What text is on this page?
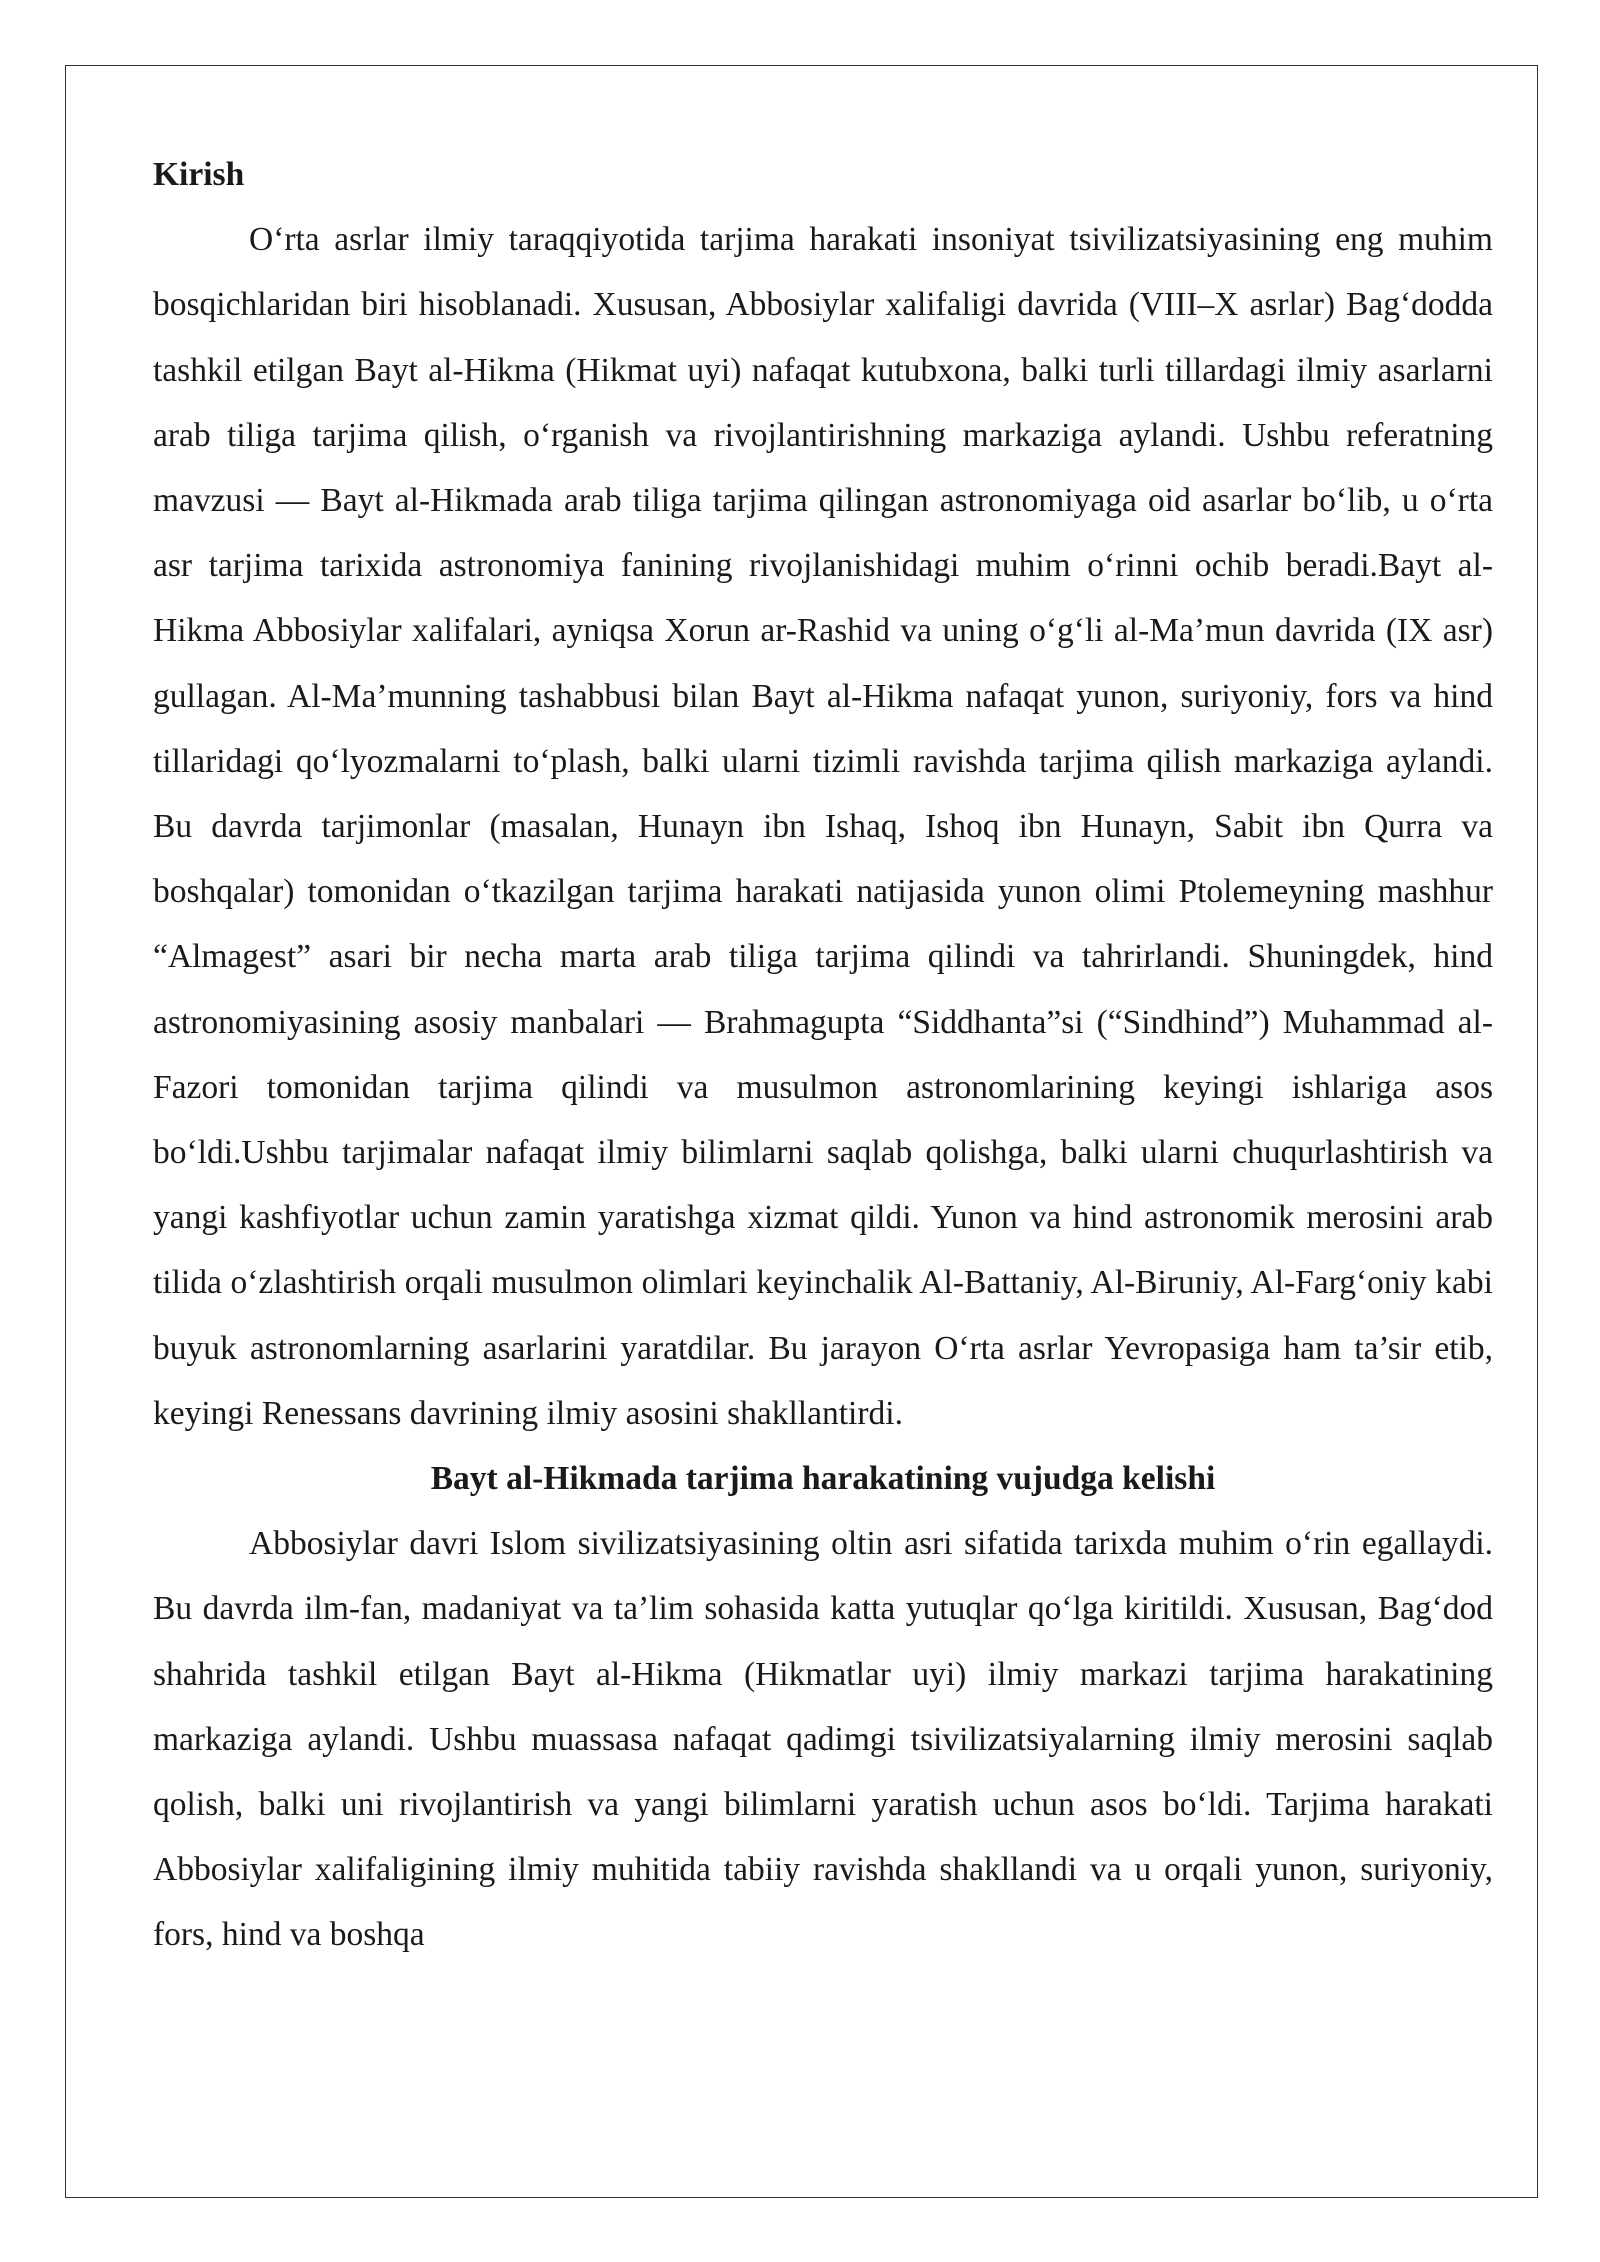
Kirish

O‘rta asrlar ilmiy taraqqiyotida tarjima harakati insoniyat tsivilizatsiyasining eng muhim bosqichlaridan biri hisoblanadi. Xususan, Abbosiylar xalifaligi davrida (VIII–X asrlar) Bag‘dodda tashkil etilgan Bayt al-Hikma (Hikmat uyi) nafaqat kutubxona, balki turli tillardagi ilmiy asarlarni arab tiliga tarjima qilish, o‘rganish va rivojlantirishning markaziga aylandi. Ushbu referatning mavzusi — Bayt al-Hikmada arab tiliga tarjima qilingan astronomiyaga oid asarlar bo‘lib, u o‘rta asr tarjima tarixida astronomiya fanining rivojlanishidagi muhim o‘rinni ochib beradi.Bayt al-Hikma Abbosiylar xalifalari, ayniqsa Xorun ar-Rashid va uning o‘g‘li al-Ma’mun davrida (IX asr) gullagan. Al-Ma’munning tashabbusi bilan Bayt al-Hikma nafaqat yunon, suriyoniy, fors va hind tillaridagi qo‘lyozmalarni to‘plash, balki ularni tizimli ravishda tarjima qilish markaziga aylandi. Bu davrda tarjimonlar (masalan, Hunayn ibn Ishaq, Ishoq ibn Hunayn, Sabit ibn Qurra va boshqalar) tomonidan o‘tkazilgan tarjima harakati natijasida yunon olimi Ptolemeyning mashhur “Almagest” asari bir necha marta arab tiliga tarjima qilindi va tahrirlandi. Shuningdek, hind astronomiyasining asosiy manbalari — Brahmagupta “Siddhanta”si (“Sindhind”) Muhammad al-Fazori tomonidan tarjima qilindi va musulmon astronomlarining keyingi ishlariga asos bo‘ldi.Ushbu tarjimalar nafaqat ilmiy bilimlarni saqlab qolishga, balki ularni chuqurlashtirish va yangi kashfiyotlar uchun zamin yaratishga xizmat qildi. Yunon va hind astronomik merosini arab tilida o‘zlashtirish orqali musulmon olimlari keyinchalik Al-Battaniy, Al-Biruniy, Al-Farg‘oniy kabi buyuk astronomlarning asarlarini yaratdilar. Bu jarayon O‘rta asrlar Yevropasiga ham ta’sir etib, keyingi Renessans davrining ilmiy asosini shakllantirdi.

Bayt al-Hikmada tarjima harakatining vujudga kelishi

Abbosiylar davri Islom sivilizatsiyasining oltin asri sifatida tarixda muhim o‘rin egallaydi. Bu davrda ilm-fan, madaniyat va ta’lim sohasida katta yutuqlar qo‘lga kiritildi. Xususan, Bag‘dod shahrida tashkil etilgan Bayt al-Hikma (Hikmatlar uyi) ilmiy markazi tarjima harakatining markaziga aylandi. Ushbu muassasa nafaqat qadimgi tsivilizatsiyalarning ilmiy merosini saqlab qolish, balki uni rivojlantirish va yangi bilimlarni yaratish uchun asos bo‘ldi. Tarjima harakati Abbosiylar xalifaligining ilmiy muhitida tabiiy ravishda shakllandi va u orqali yunon, suriyoniy, fors, hind va boshqa
